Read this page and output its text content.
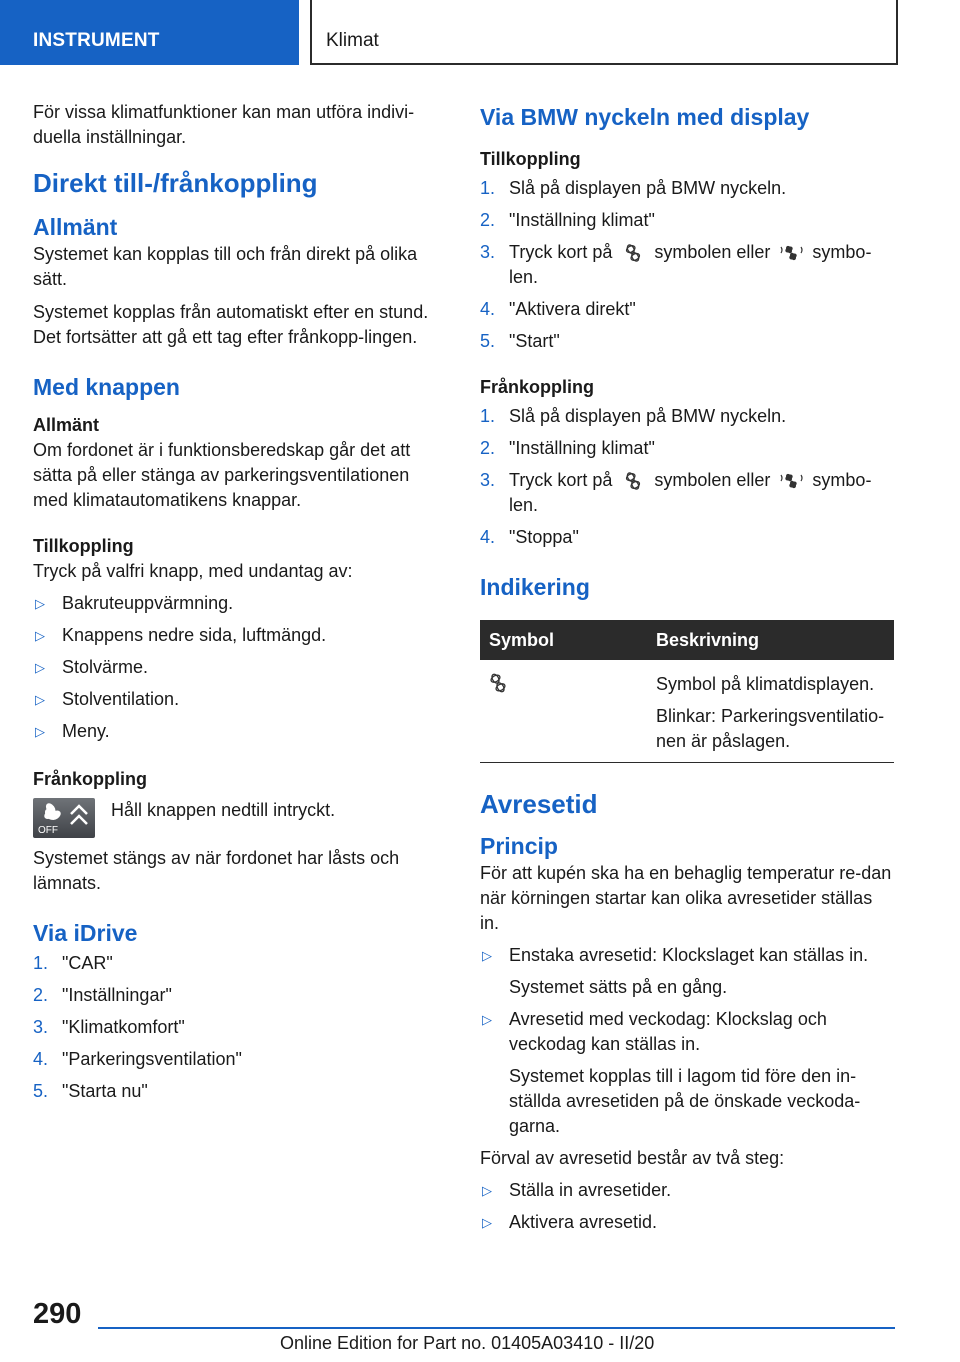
INSTRUMENT	Klimat

För vissa klimatfunktioner kan man utföra indivi-duella inställningar.

Direkt till-/frånkoppling
Allmänt

Systemet kan kopplas till och från direkt på olika sätt.

Systemet kopplas från automatiskt efter en stund. Det fortsätter att gå ett tag efter frånkopp-lingen.

Med knappen
Allmänt

Om fordonet är i funktionsberedskap går det att sätta på eller stänga av parkeringsventilationen med klimatautomatikens knappar.

Tillkoppling

Tryck på valfri knapp, med undantag av:

▷ Bakruteuppvärmning.
▷ Knappens nedre sida, luftmängd.
▷ Stolvärme.
▷ Stolventilation.
▷ Meny.
Frånkoppling
OFF

Håll knappen nedtill intryckt.

Systemet stängs av när fordonet har låsts och lämnats.

Via iDrive
1. "CAR"
2. "Inställningar"
3. "Klimatkomfort"
4. "Parkeringsventilation"
5. "Starta nu"
Via BMW nyckeln med display
Tillkoppling
1. Slå på displayen på BMW nyckeln.
2. "Inställning klimat"
3. Tryck kort på symbolen eller symbo-len.
4. "Aktivera direkt"
5. "Start"
Frånkoppling
1. Slå på displayen på BMW nyckeln.
2. "Inställning klimat"
3. Tryck kort på symbolen eller symbo-len.
4. "Stoppa"
Indikering
Symbol	Beskrivning

Symbol på klimatdisplayen.
Blinkar: Parkeringsventilatio-nen är påslagen.
Avresetid
Princip

För att kupén ska ha en behaglig temperatur re-dan när körningen startar kan olika avresetider ställas in.

▷ Enstaka avresetid: Klockslaget kan ställas in.
Systemet sätts på en gång.
▷ Avresetid med veckodag: Klockslag och veckodag kan ställas in.
Systemet kopplas till i lagom tid före den in-ställda avresetiden på de önskade veckoda-garna.

Förval av avresetid består av två steg:

▷ Ställa in avresetider.
▷ Aktivera avresetid.
290
Online Edition for Part no. 01405A03410 - II/20
